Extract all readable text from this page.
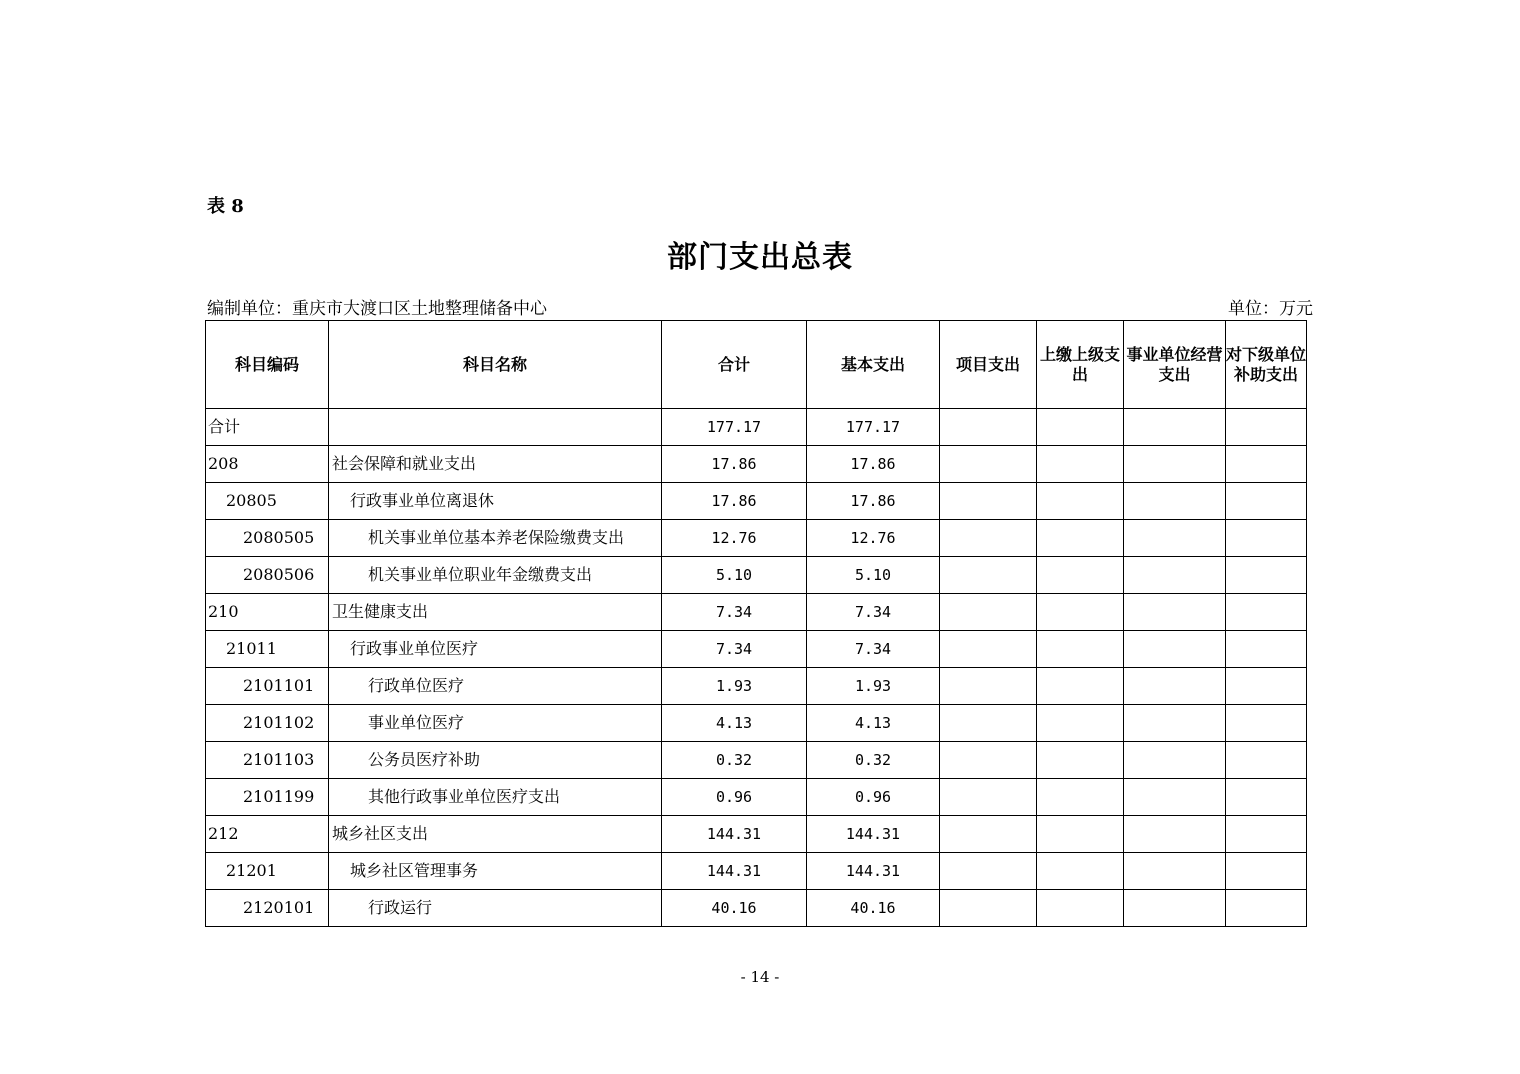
表 8
部门支出总表
编制单位：重庆市大渡口区土地整理储备中心	单位：万元
科目编码	科目名称	合计	基本支出	项目支出	上缴上级支出	事业单位经营支出	对下级单位补助支出
合计		177.17	177.17				
208	社会保障和就业支出	17.86	17.86				
20805	行政事业单位离退休	17.86	17.86				
2080505	机关事业单位基本养老保险缴费支出	12.76	12.76				
2080506	机关事业单位职业年金缴费支出	5.10	5.10				
210	卫生健康支出	7.34	7.34				
21011	行政事业单位医疗	7.34	7.34				
2101101	行政单位医疗	1.93	1.93				
2101102	事业单位医疗	4.13	4.13				
2101103	公务员医疗补助	0.32	0.32				
2101199	其他行政事业单位医疗支出	0.96	0.96				
212	城乡社区支出	144.31	144.31				
21201	城乡社区管理事务	144.31	144.31				
2120101	行政运行	40.16	40.16				
- 14 -
